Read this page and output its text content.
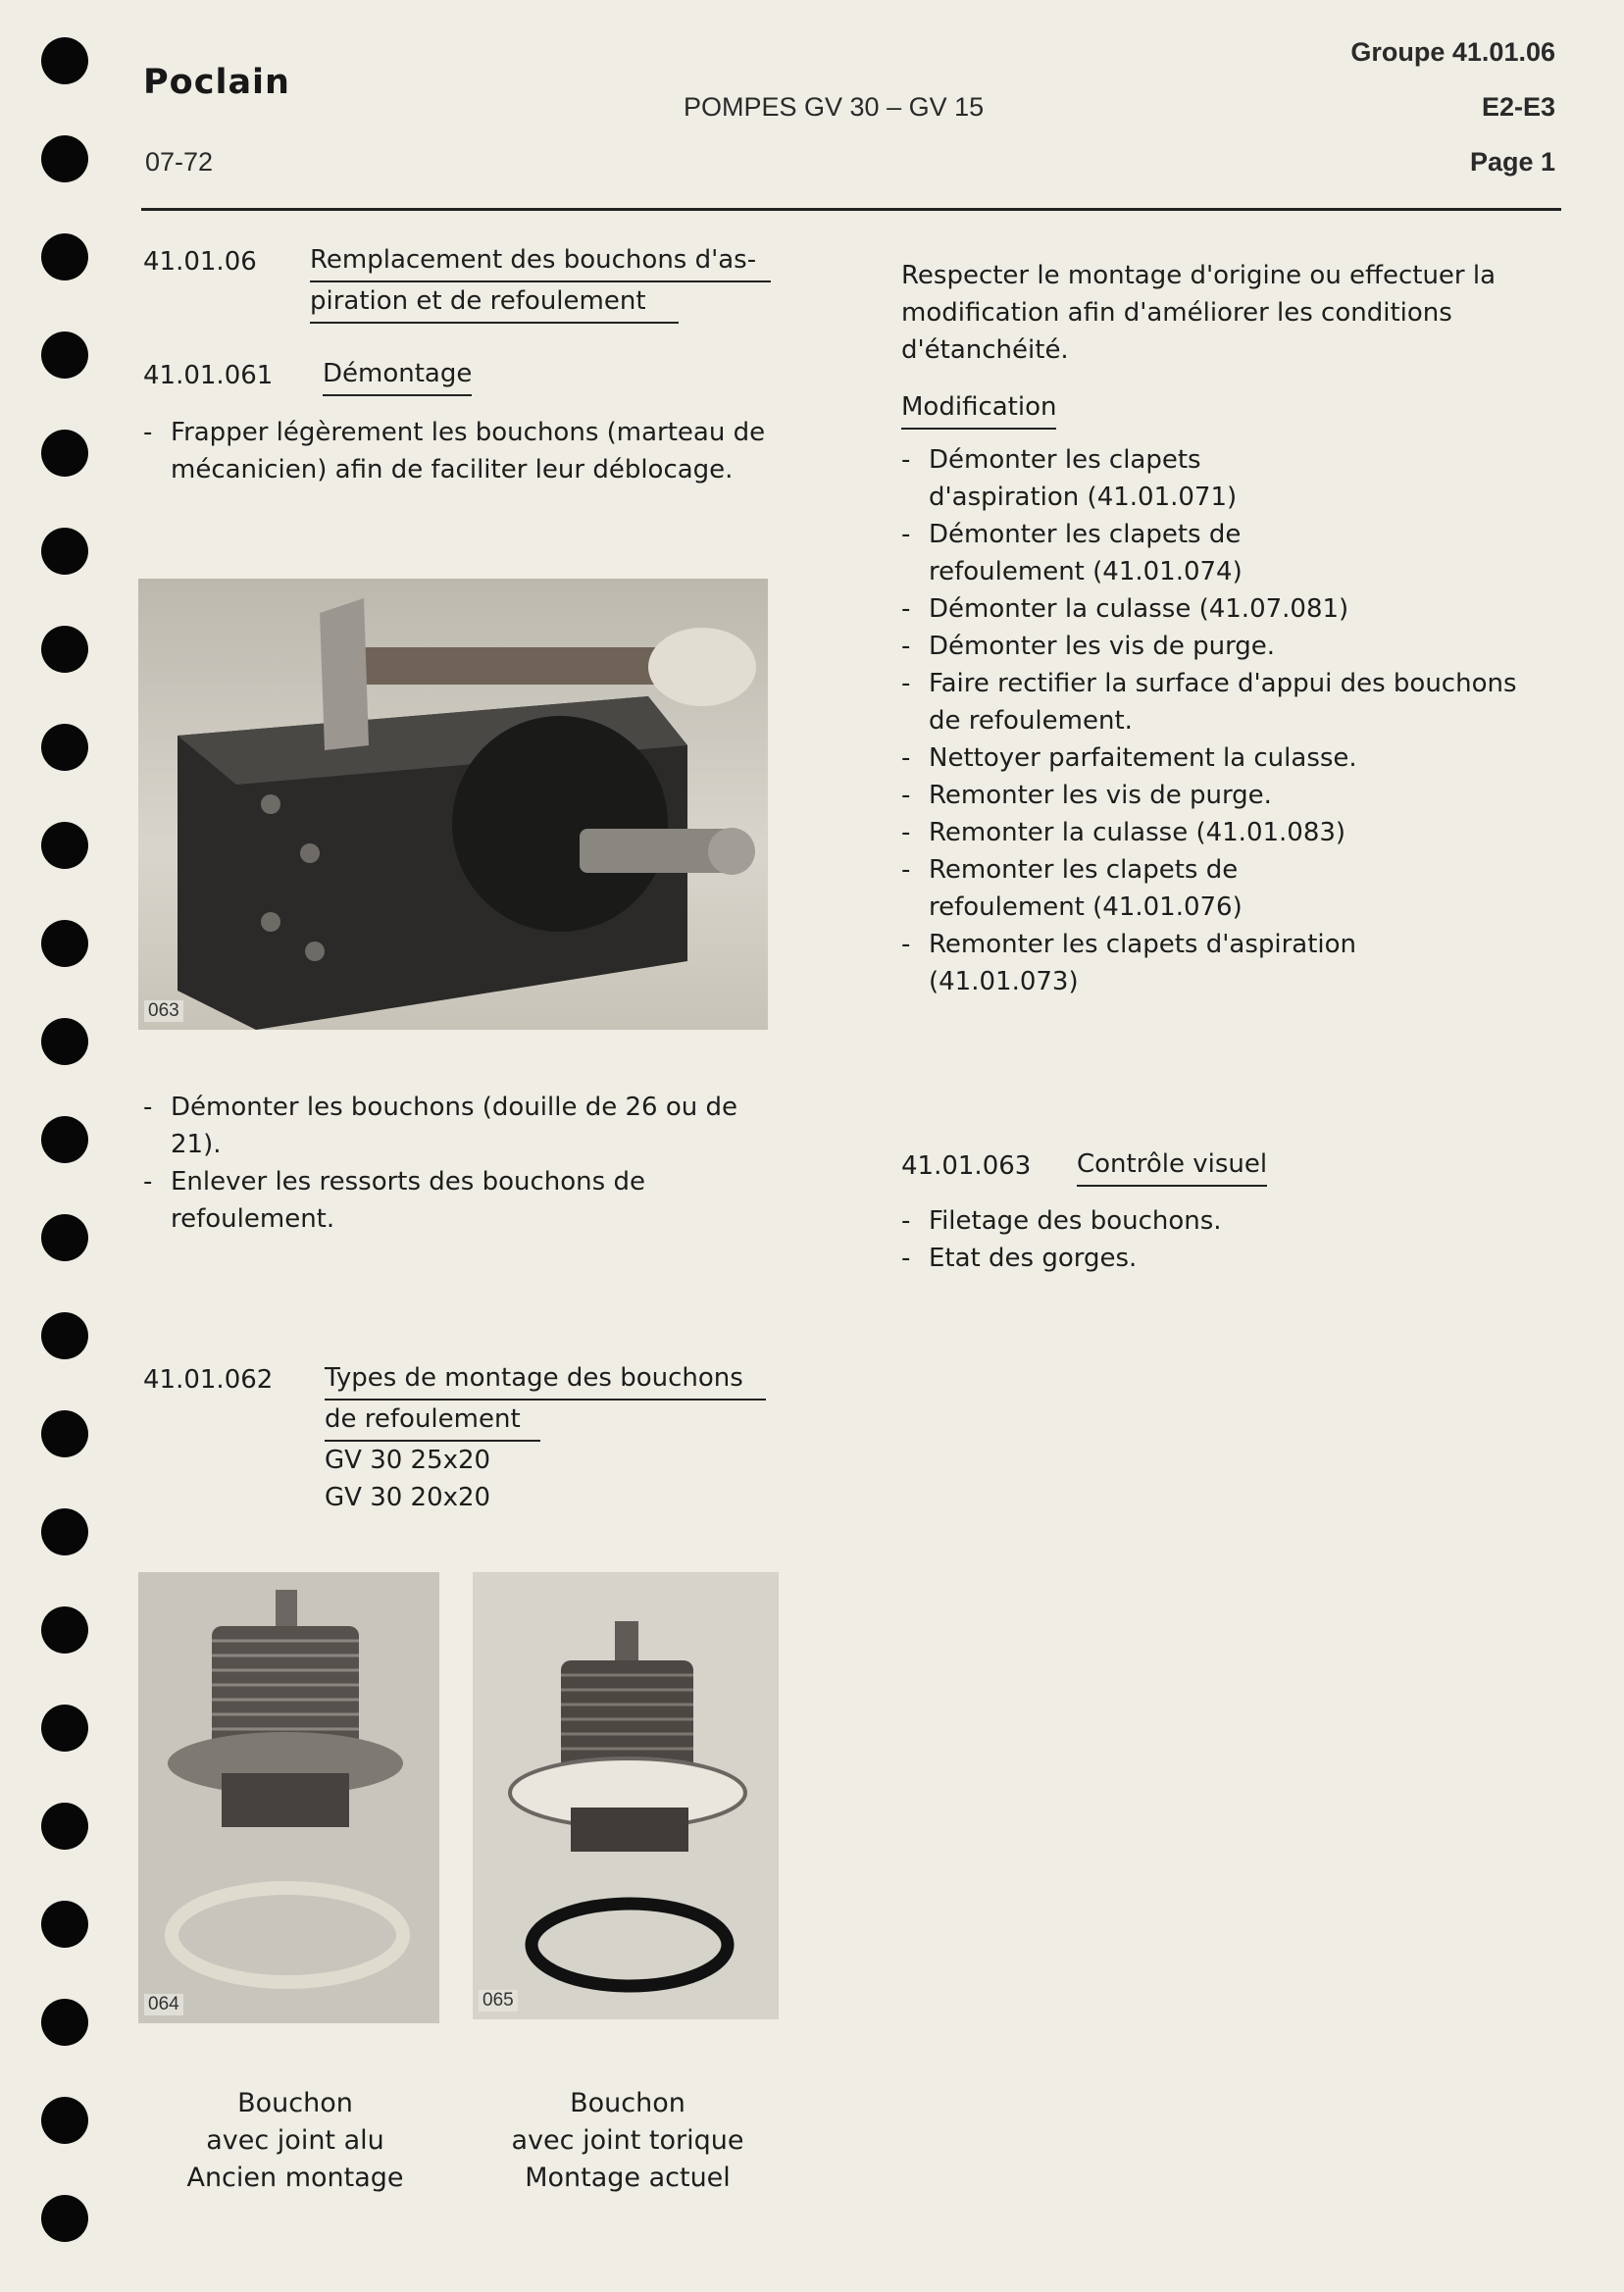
Poclain
07-72
POMPES GV 30 – GV 15
Groupe 41.01.06
E2-E3
Page 1
41.01.06 Remplacement des bouchons d'as-
piration et de refoulement
41.01.061 Démontage
- Frapper légèrement les bouchons (marteau de mécanicien) afin de faciliter leur déblocage.
063
- Démonter les bouchons (douille de 26 ou de 21).
- Enlever les ressorts des bouchons de refoulement.
41.01.062 Types de montage des bouchons
de refoulement
GV 30 25x20
GV 30 20x20
064	065
Bouchon
avec joint alu
Ancien montage
Bouchon
avec joint torique
Montage actuel
Respecter le montage d'origine ou effectuer la modification afin d'améliorer les conditions d'étanchéité.
Modification
- Démonter les clapets d'aspiration (41.01.071)
- Démonter les clapets de refoulement (41.01.074)
- Démonter la culasse (41.07.081)
- Démonter les vis de purge.
- Faire rectifier la surface d'appui des bouchons de refoulement.
- Nettoyer parfaitement la culasse.
- Remonter les vis de purge.
- Remonter la culasse (41.01.083)
- Remonter les clapets de refoulement (41.01.076)
- Remonter les clapets d'aspiration (41.01.073)
41.01.063 Contrôle visuel
- Filetage des bouchons.
- Etat des gorges.
